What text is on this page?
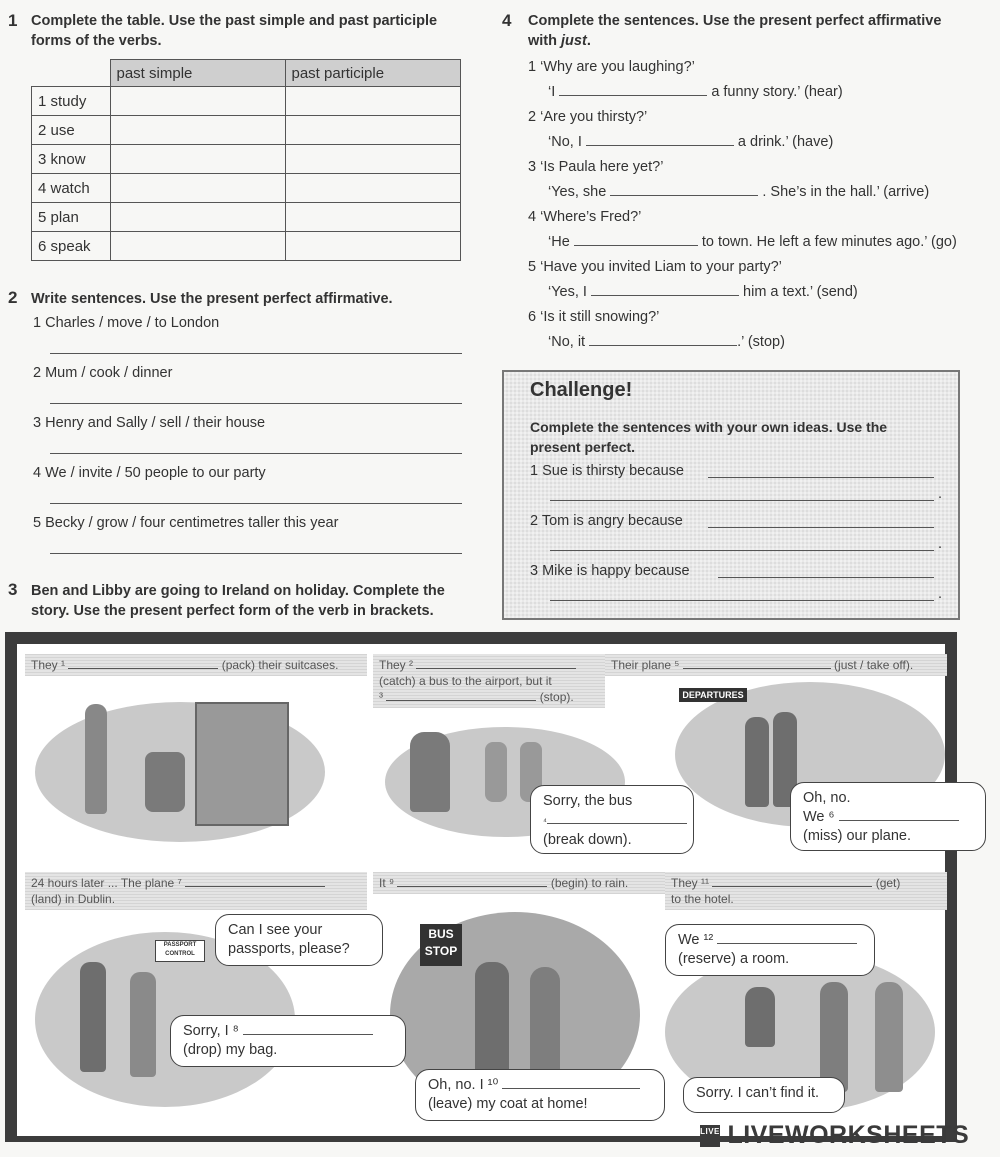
1 Complete the table. Use the past simple and past participle
forms of the verbs.
	past simple	past participle
1 study		
2 use		
3 know		
4 watch		
5 plan		
6 speak		
2 Write sentences. Use the present perfect affirmative.
1 Charles / move / to London
2 Mum / cook / dinner
3 Henry and Sally / sell / their house
4 We / invite / 50 people to our party
5 Becky / grow / four centimetres taller this year
3 Ben and Libby are going to Ireland on holiday. Complete the
story. Use the present perfect form of the verb in brackets.
4 Complete the sentences. Use the present perfect affirmative
with just.
1 ‘Why are you laughing?’
‘I	a funny story.’ (hear)
2 ‘Are you thirsty?’
‘No, I	a drink.’ (have)
3 ‘Is Paula here yet?’
‘Yes, she	. She’s in the hall.’ (arrive)
4 ‘Where’s Fred?’
‘He	to town. He left a few minutes ago.’ (go)
5 ‘Have you invited Liam to your party?’
‘Yes, I	him a text.’ (send)
6 ‘Is it still snowing?’
‘No, it	.’ (stop)
Challenge!
Complete the sentences with your own ideas. Use the
present perfect.
1 Sue is thirsty because
.
2 Tom is angry because
.
3 Mike is happy because
.
They ¹	(pack) their suitcases.	They ²
(catch) a bus to the airport, but it
³	(stop).
Their plane ⁵	(just / take off).
DEPARTURES
Sorry, the bus
⁴
(break down).
Oh, no.
We ⁶
(miss) our plane.
24 hours later ... The plane ⁷
(land) in Dublin.
It ⁹	(begin) to rain.	They ¹¹	(get)
to the hotel.
PASSPORT
CONTROL
BUS
STOP
Can I see your
passports, please?
Sorry, I ⁸
(drop) my bag.
Oh, no. I ¹⁰
(leave) my coat at home!
We ¹²
(reserve) a room.
Sorry. I can’t find it.
LIVE LIVEWORKSHEETS
